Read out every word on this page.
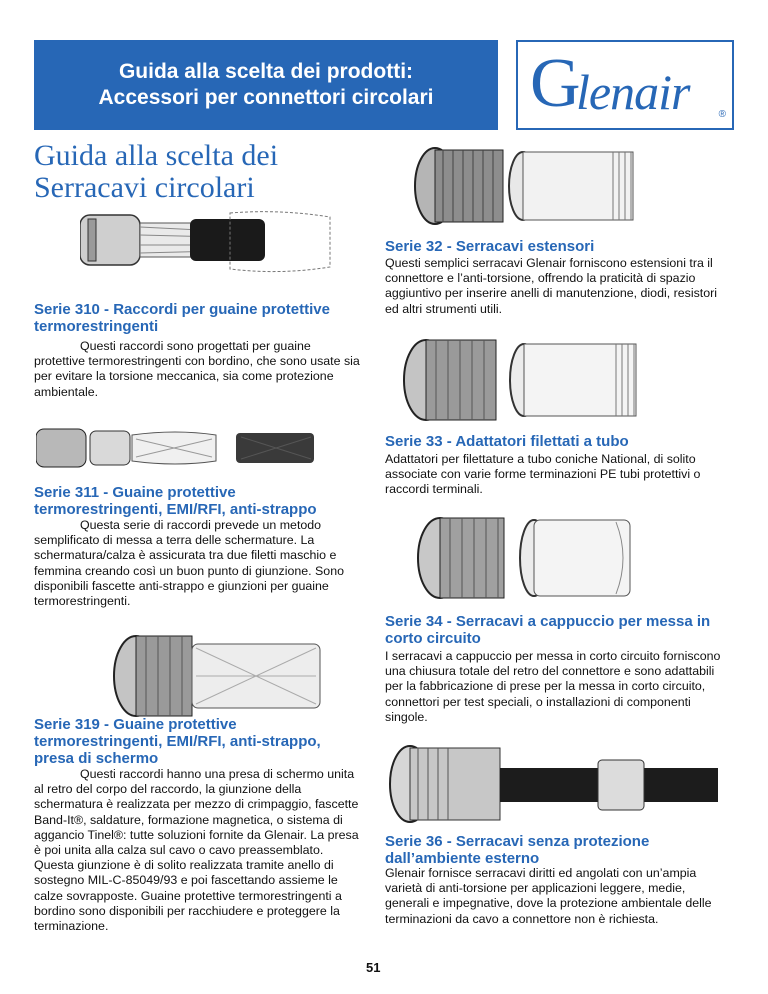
Guida alla scelta dei prodotti:
Accessori per connettori circolari G
lenair	®
Guida alla scelta dei
Serracavi circolari
Serie 310 - Raccordi per guaine protettive termorestringenti
Questi raccordi sono progettati per guaine protettive termorestringenti con bordino, che sono usate sia per evitare la torsione meccanica, sia come protezione ambientale.
Serie 311 - Guaine protettive termorestringenti, EMI/RFI, anti-strappo
Questa serie di raccordi prevede un metodo semplificato di messa a terra delle schermature. La schermatura/calza è assicurata tra due filetti maschio e femmina creando così un buon punto di giunzione. Sono disponibili fascette anti-strappo e giunzioni per guaine termorestringenti.
Serie 319 - Guaine protettive termorestringenti, EMI/RFI, anti-strappo, presa di schermo
Questi raccordi hanno una presa di schermo unita al retro del corpo del raccordo, la giunzione della schermatura è realizzata per mezzo di crimpaggio, fascette Band-It®, saldature, formazione magnetica, o sistema di aggancio Tinel®: tutte soluzioni fornite da Glenair. La presa è poi unita alla calza sul cavo o cavo preassemblato. Questa giunzione è di solito realizzata tramite anello di sostegno MIL-C-85049/93 e poi fascettando assieme le calze sovrapposte. Guaine protettive termorestringenti a bordino sono disponibili per racchiudere e proteggere la terminazione.
Serie 32 - Serracavi estensori
Questi semplici serracavi Glenair forniscono estensioni tra il connettore e l’anti-torsione, offrendo la praticità di spazio aggiuntivo per inserire anelli di manutenzione, diodi, resistori ed altri strumenti utili.
Serie 33 - Adattatori filettati a tubo
Adattatori per filettature a tubo coniche National, di solito associate con varie forme terminazioni PE tubi protettivi o raccordi terminali.
Serie 34 - Serracavi a cappuccio per messa in corto circuito
I serracavi a cappuccio per messa in corto circuito forniscono una chiusura totale del retro del connettore e sono adattabili per la fabbricazione di prese per la messa in corto circuito, connettori per test speciali, o installazioni di componenti singole.
Serie 36 - Serracavi senza protezione dall’ambiente esterno
Glenair fornisce serracavi diritti ed angolati con un’ampia varietà di anti-torsione per applicazioni leggere, medie, generali e impegnative, dove la protezione ambientale delle terminazioni da cavo a connettore non è richiesta.
51
